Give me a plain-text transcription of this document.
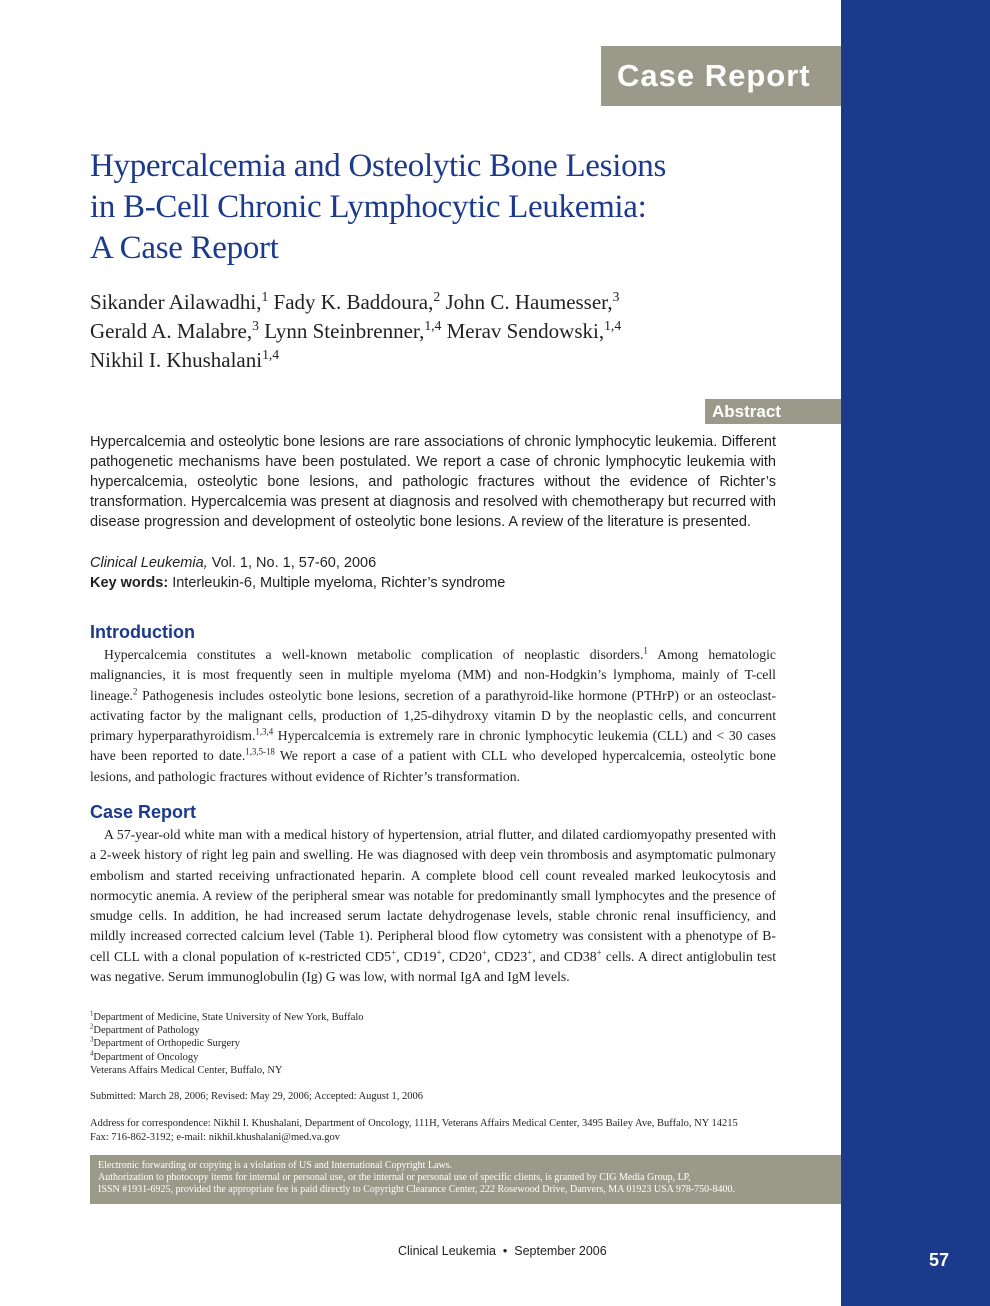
Case Report
Hypercalcemia and Osteolytic Bone Lesions
in B-Cell Chronic Lymphocytic Leukemia:
A Case Report
Sikander Ailawadhi,$^1$ Fady K. Baddoura,$^2$ John C. Haumesser,$^3$
Gerald A. Malabre,$^3$ Lynn Steinbrenner,$^{1,4}$ Merav Sendowski,$^{1,4}$
Nikhil I. Khushalani$^{1,4}$
Abstract

Hypercalcemia and osteolytic bone lesions are rare associations of chronic lymphocytic leukemia. Different pathogenetic mechanisms have been postulated. We report a case of chronic lymphocytic leukemia with hypercalcemia, osteolytic bone lesions, and pathologic fractures without the evidence of Richter’s transformation. Hypercalcemia was present at diagnosis and resolved with chemotherapy but recurred with disease progression and development of osteolytic bone lesions. A review of the literature is presented.

Clinical Leukemia, Vol. 1, No. 1, 57-60, 2006
Key words: Interleukin-6, Multiple myeloma, Richter’s syndrome
Introduction

Hypercalcemia constitutes a well-known metabolic complication of neoplastic disorders.$^1$ Among hematologic malignancies, it is most frequently seen in multiple myeloma (MM) and non-Hodgkin’s lymphoma, mainly of T-cell lineage.$^2$ Pathogenesis includes osteolytic bone lesions, secretion of a parathyroid-like hormone (PTHrP) or an osteoclast-activating factor by the malignant cells, production of 1,25-dihydroxy vitamin D by the neoplastic cells, and concurrent primary hyperparathyroidism.$^{1,3,4}$ Hypercalcemia is extremely rare in chronic lymphocytic leukemia (CLL) and < 30 cases have been reported to date.$^{1,3,5-18}$ We report a case of a patient with CLL who developed hypercalcemia, osteolytic bone lesions, and pathologic fractures without evidence of Richter’s transformation.

Case Report

A 57-year-old white man with a medical history of hypertension, atrial flutter, and dilated cardiomyopathy presented with a 2-week history of right leg pain and swelling. He was diagnosed with deep vein thrombosis and asymptomatic pulmonary embolism and started receiving unfractionated heparin. A complete blood cell count revealed marked leukocytosis and normocytic anemia. A review of the peripheral smear was notable for predominantly small lymphocytes and the presence of smudge cells. In addition, he had increased serum lactate dehydrogenase levels, stable chronic renal insufficiency, and mildly increased corrected calcium level (Table 1). Peripheral blood flow cytometry was consistent with a phenotype of B-cell CLL with a clonal population of κ-restricted CD5+, CD19+, CD20+, CD23+, and CD38+ cells. A direct antiglobulin test was negative. Serum immunoglobulin (Ig) G was low, with normal IgA and IgM levels.

$^1$Department of Medicine, State University of New York, Buffalo
$^2$Department of Pathology
$^3$Department of Orthopedic Surgery
$^4$Department of Oncology
Veterans Affairs Medical Center, Buffalo, NY
Submitted: March 28, 2006; Revised: May 29, 2006; Accepted: August 1, 2006
Address for correspondence: Nikhil I. Khushalani, Department of Oncology, 111H, Veterans Affairs Medical Center, 3495 Bailey Ave, Buffalo, NY 14215
Fax: 716-862-3192; e-mail: nikhil.khushalani@med.va.gov
Electronic forwarding or copying is a violation of US and International Copyright Laws.
Authorization to photocopy items for internal or personal use, or the internal or personal use of specific clients, is granted by CIG Media Group, LP,
ISSN #1931-6925, provided the appropriate fee is paid directly to Copyright Clearance Center, 222 Rosewood Drive, Danvers, MA 01923 USA 978-750-8400.
Clinical Leukemia • September 2006	57
